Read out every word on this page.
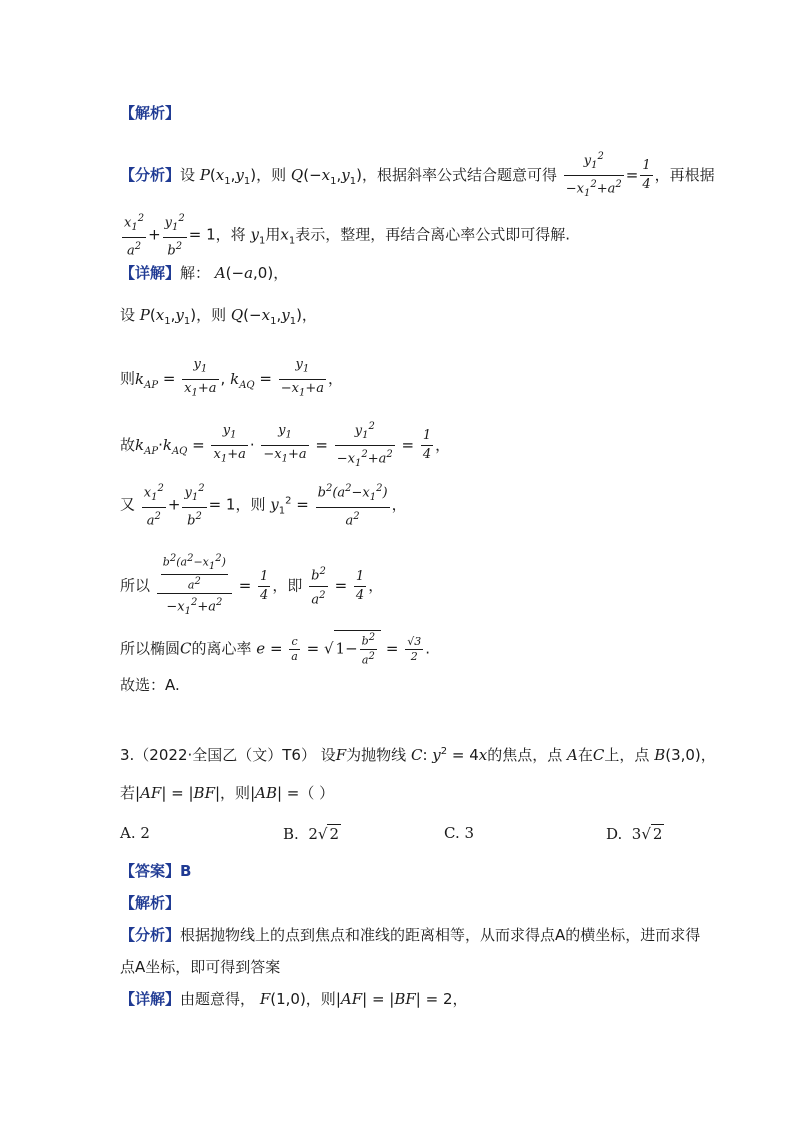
【解析】
【分析】设 $P(x_1,y_1)$，则 $Q(-x_1,y_1)$，根据斜率公式结合题意可得 $\frac{y_1^2}{-x_1^2+a^2} = \frac{1}{4}$ ，再根据
$\frac{x_1^2}{a^2} + \frac{y_1^2}{b^2} = 1$，将 $y_1$用$x_1$表示，整理，再结合离心率公式即可得解.
【详解】解： A(−a,0)，
设 $P(x_1,y_1)$，则 $Q(-x_1,y_1)$，
则$k_{AP} = \frac{y_1}{x_1+a}$ , $k_{AQ} = \frac{y_1}{-x_1+a}$ ，
故$k_{AP}\cdot k_{AQ} = \frac{y_1}{x_1+a} \cdot \frac{y_1}{-x_1+a} = \frac{y_1^2}{-x_1^2+a^2} = \frac{1}{4}$ ，
又 $\frac{x_1^2}{a^2} + \frac{y_1^2}{b^2} = 1$，则 $y_1^2 = \frac{b^2(a^2-x_1^2)}{a^2}$ ，
所以 $\frac{\frac{b^2(a^2-x_1^2)}{a^2}}{-x_1^2+a^2} = \frac{1}{4}$ ，即 $\frac{b^2}{a^2} = \frac{1}{4}$ ，
所以椭圆C的离心率 $e = \frac{c}{a}$ = √ $1- \frac{b^2}{a^2} = \frac{√3}{2}$ .
故选：A.
3.（2022·全国乙（文）T6） 设F为抛物线 C: $y^2 = 4x$的焦点，点 A在C上，点 B(3,0)，
若|AF| = |BF|，则|AB| =（ ）
A. 2	B.  2√ 2	C. 3	D.  3√ 2
【答案】B
【解析】
【分析】根据抛物线上的点到焦点和准线的距离相等，从而求得点A的横坐标，进而求得
点A坐标，即可得到答案
【详解】由题意得， F(1,0)，则|AF| = |BF| = 2，
